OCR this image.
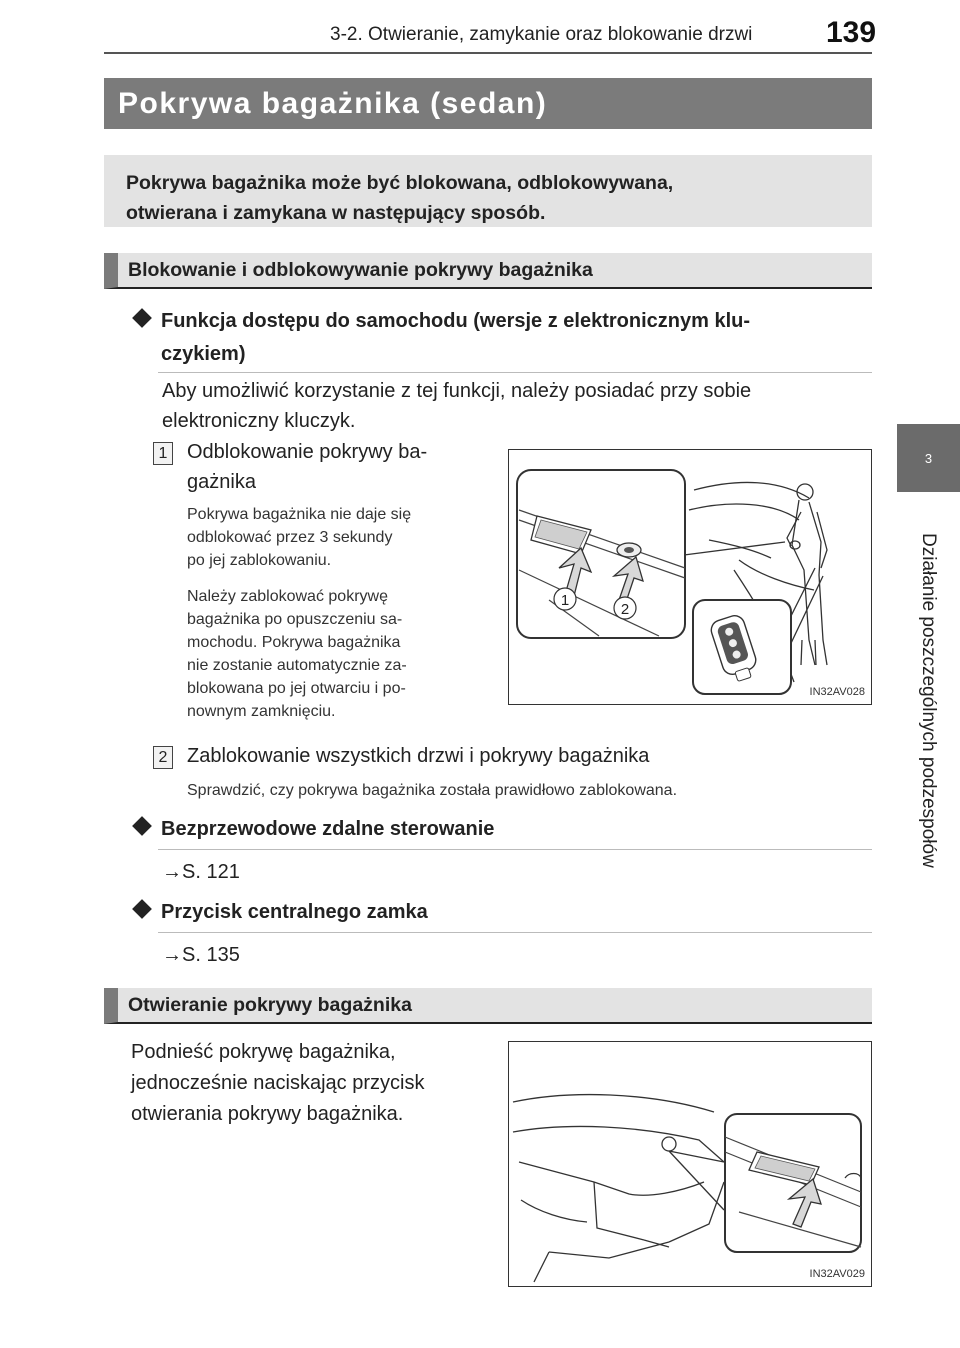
3-2. Otwieranie, zamykanie oraz blokowanie drzwi 139
3
Działanie poszczególnych podzespołów
Pokrywa bagażnika (sedan)
Pokrywa bagażnika może być blokowana, odblokowywana,
otwierana i zamykana w następujący sposób.
Blokowanie i odblokowywanie pokrywy bagażnika
Funkcja dostępu do samochodu (wersje z elektronicznym klu-
czykiem)
Aby umożliwić korzystanie z tej funkcji, należy posiadać przy sobie
elektroniczny kluczyk.
1 Odblokowanie pokrywy ba-
gażnika
Pokrywa bagażnika nie daje się
odblokować przez 3 sekundy
po jej zablokowaniu.
Należy zablokować pokrywę
bagażnika po opuszczeniu sa-
mochodu. Pokrywa bagażnika
nie zostanie automatycznie za-
blokowana po jej otwarciu i po-
nownym zamknięciu.
1
2
IN32AV028
2 Zablokowanie wszystkich drzwi i pokrywy bagażnika
Sprawdzić, czy pokrywa bagażnika została prawidłowo zablokowana.
Bezprzewodowe zdalne sterowanie
→S. 121
Przycisk centralnego zamka
→S. 135
Otwieranie pokrywy bagażnika
Podnieść pokrywę bagażnika,
jednocześnie naciskając przycisk
otwierania pokrywy bagażnika.
IN32AV029
